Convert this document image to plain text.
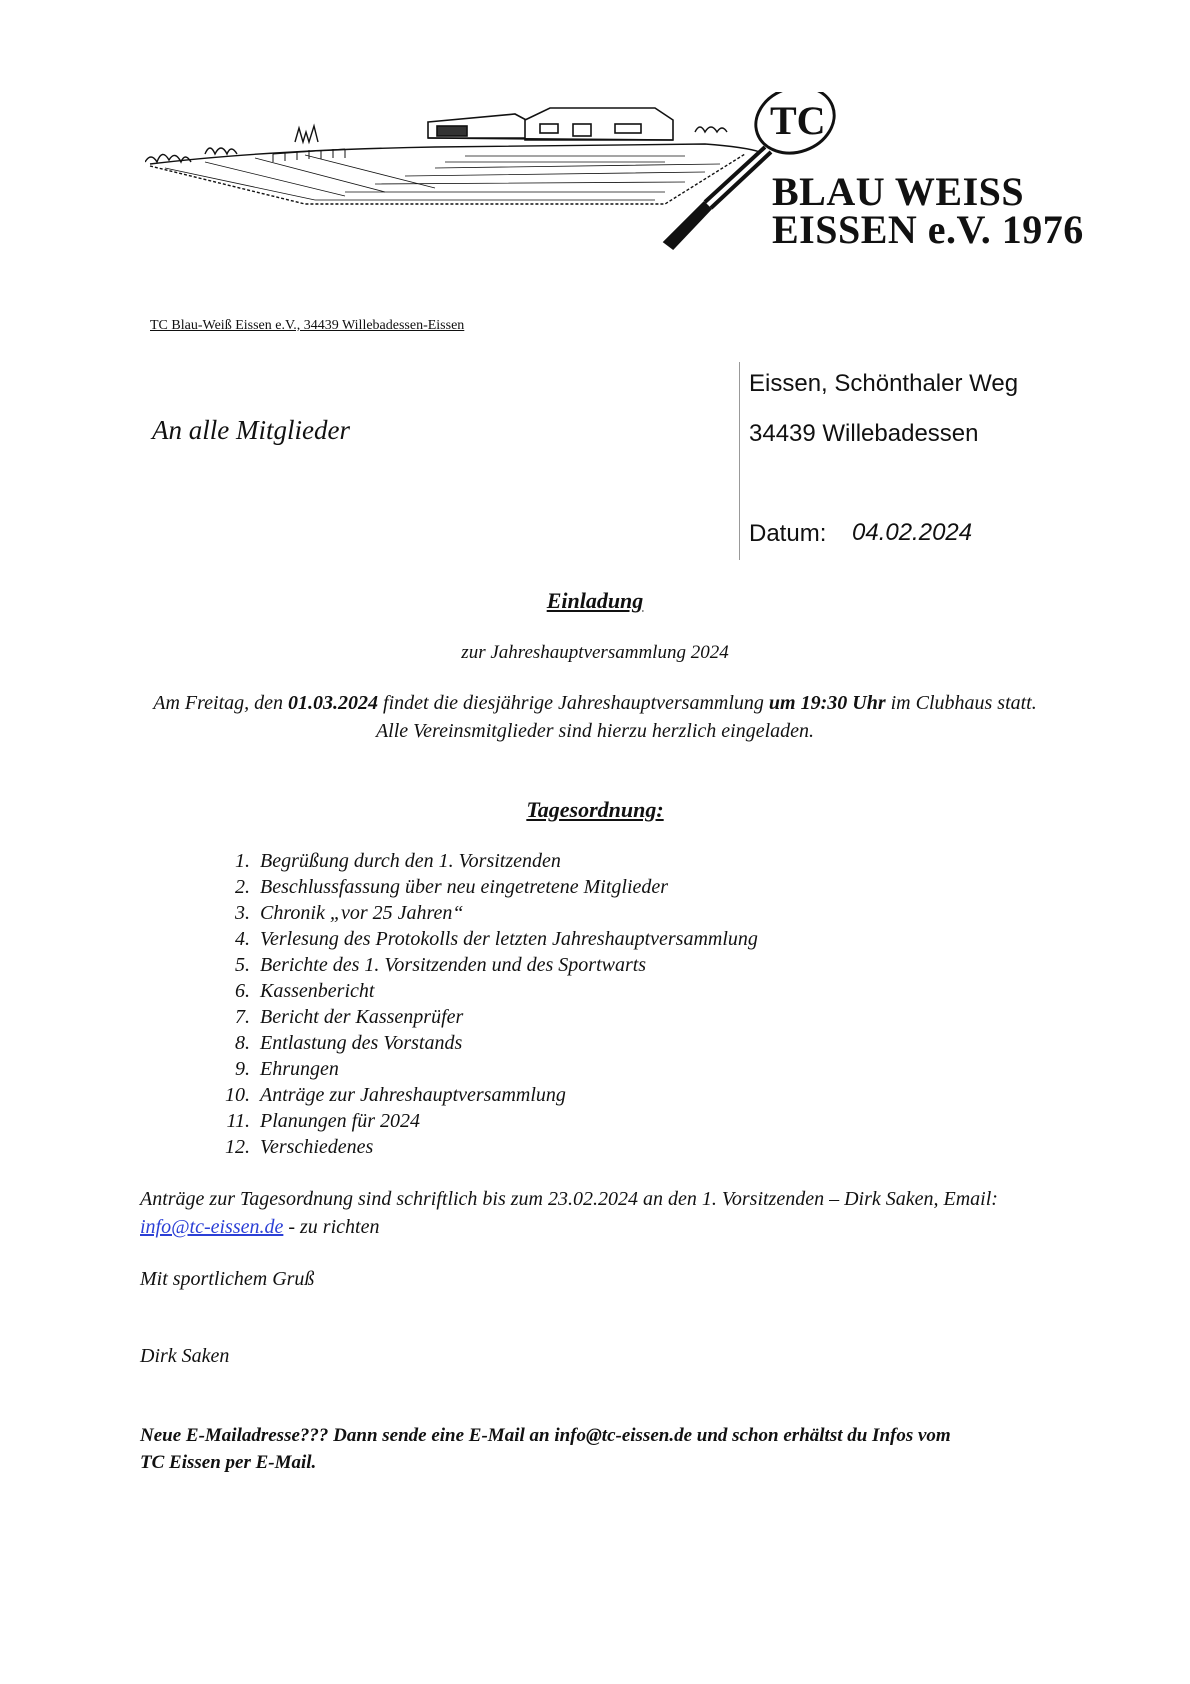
TC
BLAU WEISS
EISSEN e.V. 1976
TC Blau-Weiß Eissen e.V., 34439 Willebadessen-Eissen
An alle Mitglieder
Eissen, Schönthaler Weg
34439 Willebadessen
Datum: 04.02.2024
Einladung
zur Jahreshauptversammlung 2024
Am Freitag, den 01.03.2024 findet die diesjährige Jahreshauptversammlung um 19:30 Uhr im Clubhaus statt.
Alle Vereinsmitglieder sind hierzu herzlich eingeladen.
Tagesordnung:
1. Begrüßung durch den 1. Vorsitzenden
2. Beschlussfassung über neu eingetretene Mitglieder
3. Chronik „vor 25 Jahren“
4. Verlesung des Protokolls der letzten Jahreshauptversammlung
5. Berichte des 1. Vorsitzenden und des Sportwarts
6. Kassenbericht
7. Bericht der Kassenprüfer
8. Entlastung des Vorstands
9. Ehrungen
10. Anträge zur Jahreshauptversammlung
11. Planungen für 2024
12. Verschiedenes
Anträge zur Tagesordnung sind schriftlich bis zum 23.02.2024 an den 1. Vorsitzenden – Dirk Saken, Email:
info@tc-eissen.de - zu richten
Mit sportlichem Gruß
Dirk Saken
Neue E-Mailadresse??? Dann sende eine E-Mail an info@tc-eissen.de und schon erhältst du Infos vom
TC Eissen per E-Mail.
